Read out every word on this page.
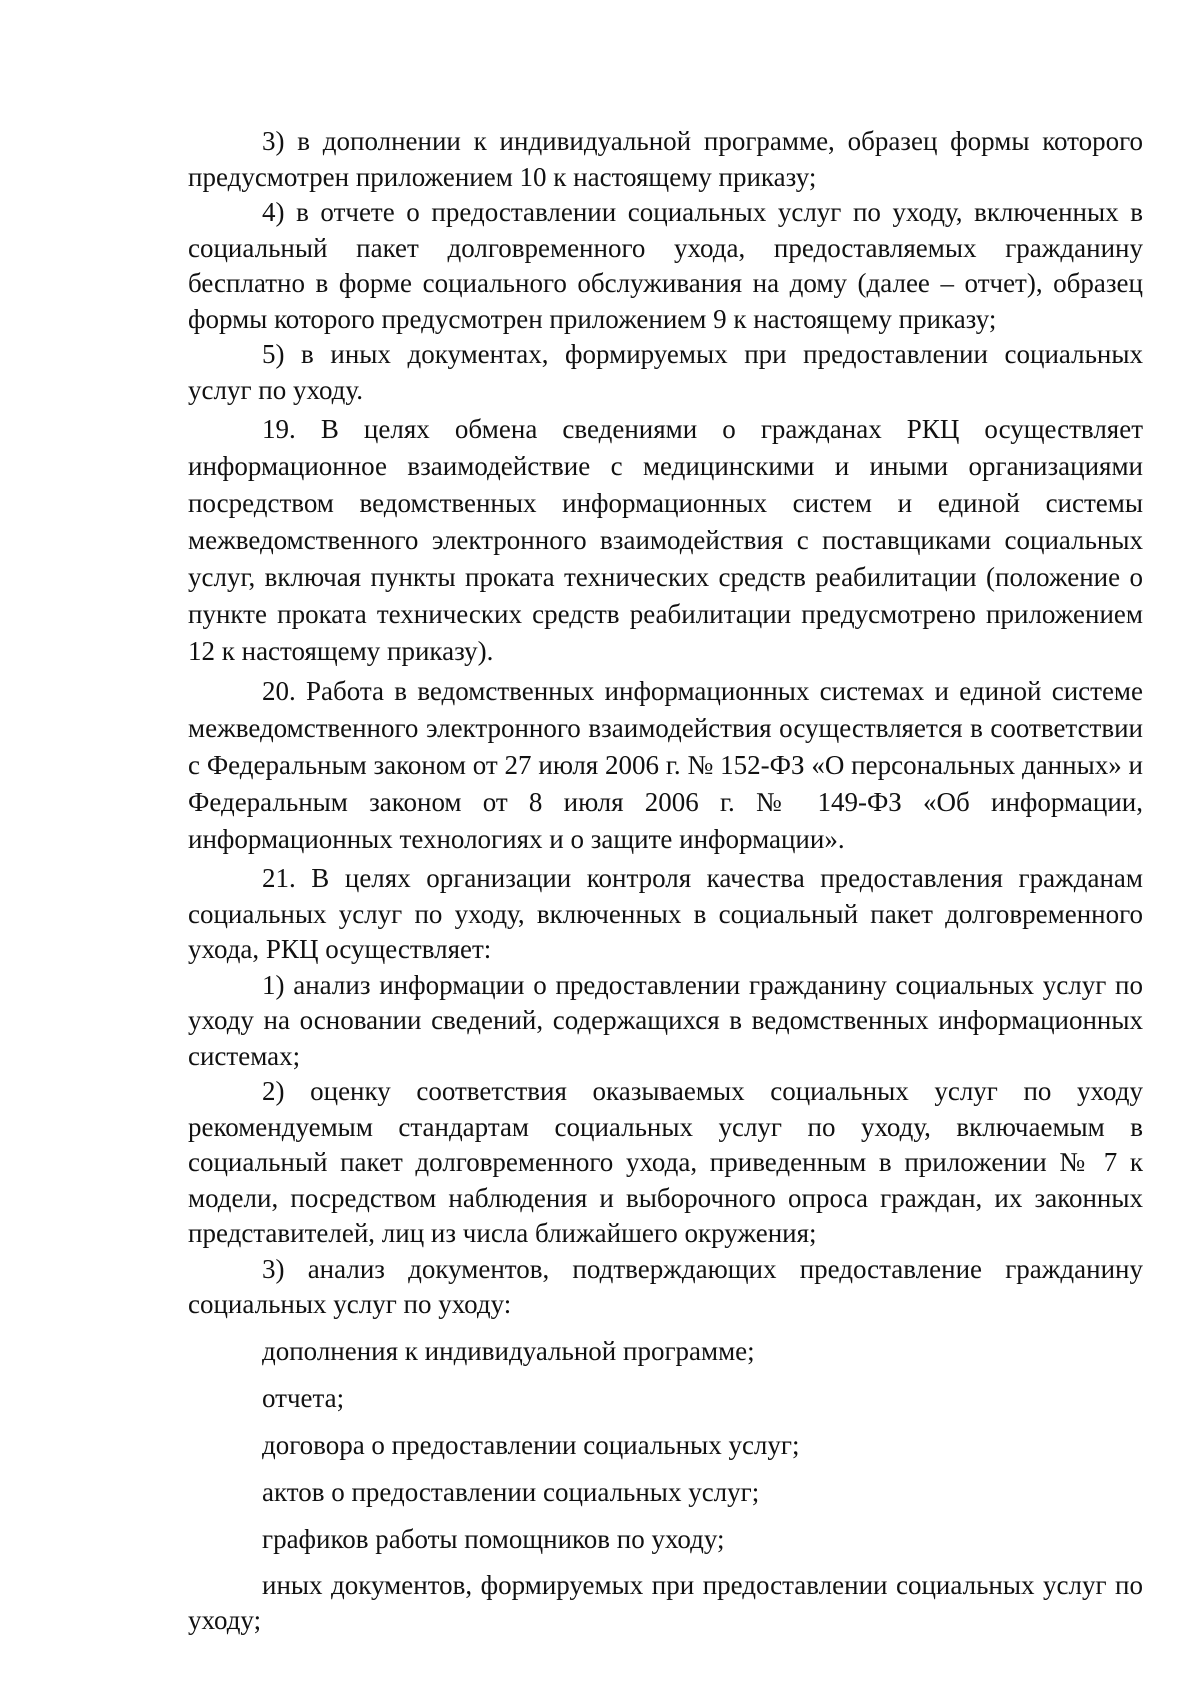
3) в дополнении к индивидуальной программе, образец формы которого предусмотрен приложением 10 к настоящему приказу;

4) в отчете о предоставлении социальных услуг по уходу, включенных в социальный пакет долговременного ухода, предоставляемых гражданину бесплатно в форме социального обслуживания на дому (далее – отчет), образец формы которого предусмотрен приложением 9 к настоящему приказу;

5) в иных документах, формируемых при предоставлении социальных услуг по уходу.

19. В целях обмена сведениями о гражданах РКЦ осуществляет информационное взаимодействие с медицинскими и иными организациями посредством ведомственных информационных систем и единой системы межведомственного электронного взаимодействия с поставщиками социальных услуг, включая пункты проката технических средств реабилитации (положение о пункте проката технических средств реабилитации предусмотрено приложением 12 к настоящему приказу).

20. Работа в ведомственных информационных системах и единой системе межведомственного электронного взаимодействия осуществляется в соответствии с Федеральным законом от 27 июля 2006 г. № 152-ФЗ «О персональных данных» и Федеральным законом от 8 июля 2006 г. № 149-ФЗ «Об информации, информационных технологиях и о защите информации».

21. В целях организации контроля качества предоставления гражданам социальных услуг по уходу, включенных в социальный пакет долговременного ухода, РКЦ осуществляет:

1) анализ информации о предоставлении гражданину социальных услуг по уходу на основании сведений, содержащихся в ведомственных информационных системах;

2) оценку соответствия оказываемых социальных услуг по уходу рекомендуемым стандартам социальных услуг по уходу, включаемым в социальный пакет долговременного ухода, приведенным в приложении № 7 к модели, посредством наблюдения и выборочного опроса граждан, их законных представителей, лиц из числа ближайшего окружения;

3) анализ документов, подтверждающих предоставление гражданину социальных услуг по уходу:

дополнения к индивидуальной программе;

отчета;

договора о предоставлении социальных услуг;

актов о предоставлении социальных услуг;

графиков работы помощников по уходу;

иных документов, формируемых при предоставлении социальных услуг по уходу;
